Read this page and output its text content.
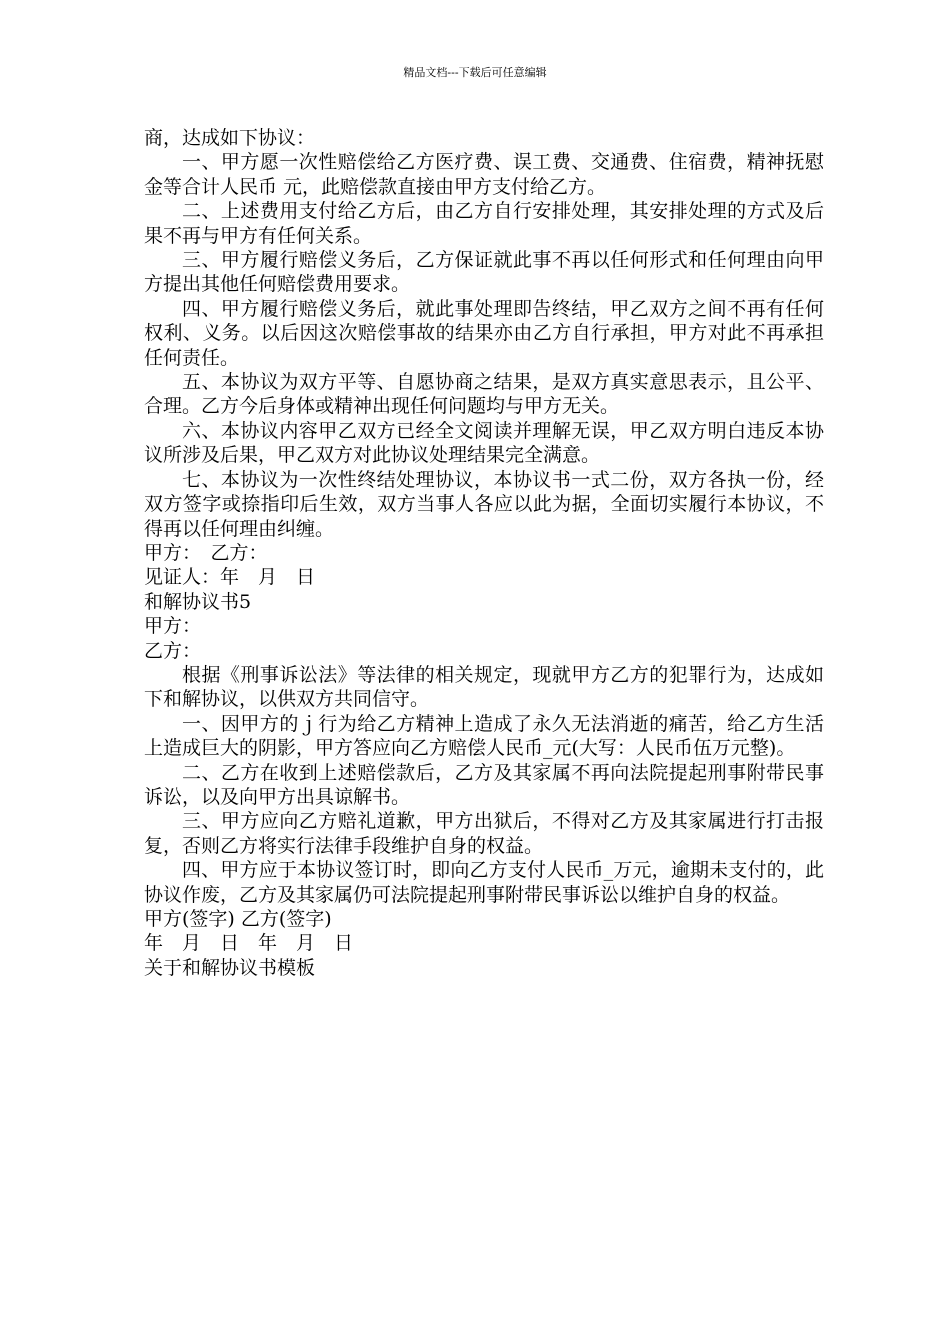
精品文档---下载后可任意编辑

商，达成如下协议：

一、甲方愿一次性赔偿给乙方医疗费、误工费、交通费、住宿费，精神抚慰金等合计人民币 元，此赔偿款直接由甲方支付给乙方。

二、上述费用支付给乙方后，由乙方自行安排处理，其安排处理的方式及后果不再与甲方有任何关系。

三、甲方履行赔偿义务后，乙方保证就此事不再以任何形式和任何理由向甲方提出其他任何赔偿费用要求。

四、甲方履行赔偿义务后，就此事处理即告终结，甲乙双方之间不再有任何权利、义务。以后因这次赔偿事故的结果亦由乙方自行承担，甲方对此不再承担任何责任。

五、本协议为双方平等、自愿协商之结果，是双方真实意思表示，且公平、合理。乙方今后身体或精神出现任何问题均与甲方无关。

六、本协议内容甲乙双方已经全文阅读并理解无误，甲乙双方明白违反本协议所涉及后果，甲乙双方对此协议处理结果完全满意。

七、本协议为一次性终结处理协议，本协议书一式二份，双方各执一份，经双方签字或捺指印后生效，双方当事人各应以此为据，全面切实履行本协议，不得再以任何理由纠缠。

甲方：　乙方：

见证人：年　月　日

和解协议书5

甲方：

乙方：

根据《刑事诉讼法》等法律的相关规定，现就甲方乙方的犯罪行为，达成如下和解协议，以供双方共同信守。

一、因甲方的ｊ行为给乙方精神上造成了永久无法消逝的痛苦，给乙方生活上造成巨大的阴影，甲方答应向乙方赔偿人民币_元(大写：人民币伍万元整)。

二、乙方在收到上述赔偿款后，乙方及其家属不再向法院提起刑事附带民事诉讼，以及向甲方出具谅解书。

三、甲方应向乙方赔礼道歉，甲方出狱后，不得对乙方及其家属进行打击报复，否则乙方将实行法律手段维护自身的权益。

四、甲方应于本协议签订时，即向乙方支付人民币_万元，逾期未支付的，此协议作废，乙方及其家属仍可法院提起刑事附带民事诉讼以维护自身的权益。

甲方(签字) 乙方(签字)

年　月　日　年　月　日

关于和解协议书模板
